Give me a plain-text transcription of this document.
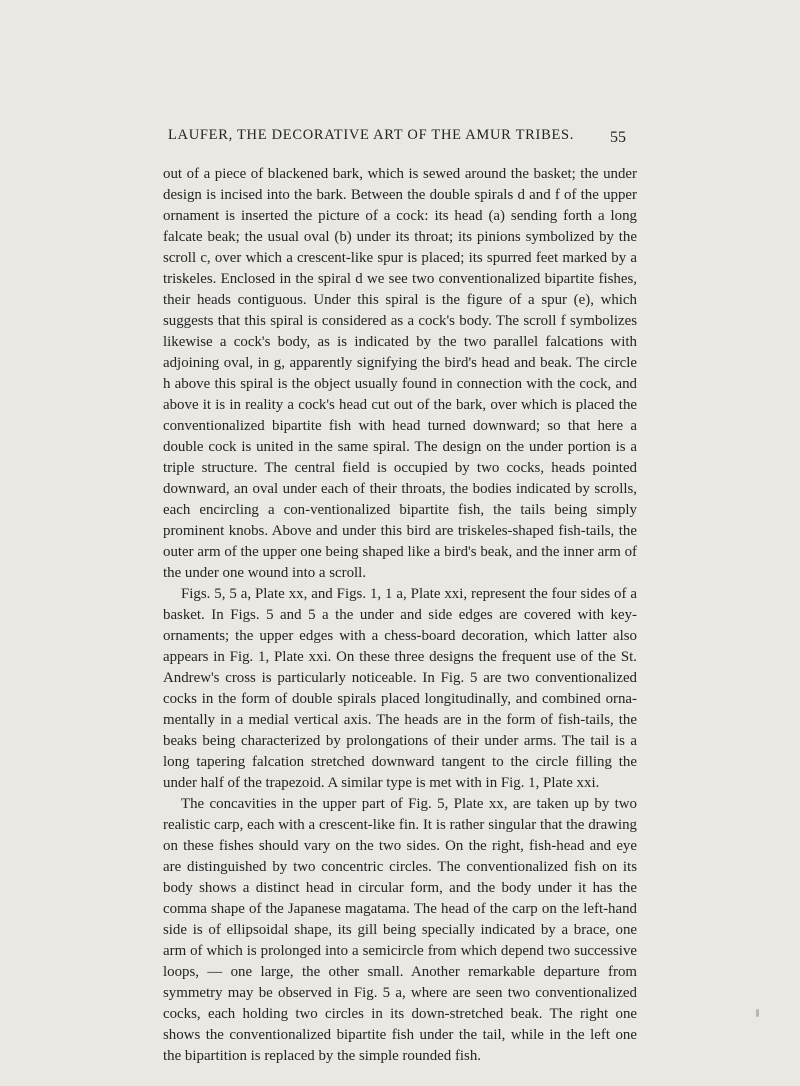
LAUFER, THE DECORATIVE ART OF THE AMUR TRIBES. 55

out of a piece of blackened bark, which is sewed around the basket; the under design is incised into the bark. Between the double spirals d and f of the upper ornament is inserted the picture of a cock: its head (a) sending forth a long falcate beak; the usual oval (b) under its throat; its pinions symbolized by the scroll c, over which a crescent-like spur is placed; its spurred feet marked by a triskeles. Enclosed in the spiral d we see two conventionalized bipartite fishes, their heads contiguous. Under this spiral is the figure of a spur (e), which suggests that this spiral is considered as a cock's body. The scroll f symbolizes likewise a cock's body, as is indicated by the two parallel falcations with adjoining oval, in g, apparently signifying the bird's head and beak. The circle h above this spiral is the object usually found in connection with the cock, and above it is in reality a cock's head cut out of the bark, over which is placed the conventionalized bipartite fish with head turned downward; so that here a double cock is united in the same spiral. The design on the under portion is a triple structure. The central field is occupied by two cocks, heads pointed downward, an oval under each of their throats, the bodies indicated by scrolls, each encircling a con-ventionalized bipartite fish, the tails being simply prominent knobs. Above and under this bird are triskeles-shaped fish-tails, the outer arm of the upper one being shaped like a bird's beak, and the inner arm of the under one wound into a scroll.

Figs. 5, 5 a, Plate xx, and Figs. 1, 1 a, Plate xxi, represent the four sides of a basket. In Figs. 5 and 5 a the under and side edges are covered with key-ornaments; the upper edges with a chess-board decoration, which latter also appears in Fig. 1, Plate xxi. On these three designs the frequent use of the St. Andrew's cross is particularly noticeable. In Fig. 5 are two conventionalized cocks in the form of double spirals placed longitudinally, and combined orna-mentally in a medial vertical axis. The heads are in the form of fish-tails, the beaks being characterized by prolongations of their under arms. The tail is a long tapering falcation stretched downward tangent to the circle filling the under half of the trapezoid. A similar type is met with in Fig. 1, Plate xxi.

The concavities in the upper part of Fig. 5, Plate xx, are taken up by two realistic carp, each with a crescent-like fin. It is rather singular that the drawing on these fishes should vary on the two sides. On the right, fish-head and eye are distinguished by two concentric circles. The conventionalized fish on its body shows a distinct head in circular form, and the body under it has the comma shape of the Japanese magatama. The head of the carp on the left-hand side is of ellipsoidal shape, its gill being specially indicated by a brace, one arm of which is prolonged into a semicircle from which depend two successive loops, — one large, the other small. Another remarkable departure from symmetry may be observed in Fig. 5 a, where are seen two conventionalized cocks, each holding two circles in its down-stretched beak. The right one shows the conventionalized bipartite fish under the tail, while in the left one the bipartition is replaced by the simple rounded fish.
